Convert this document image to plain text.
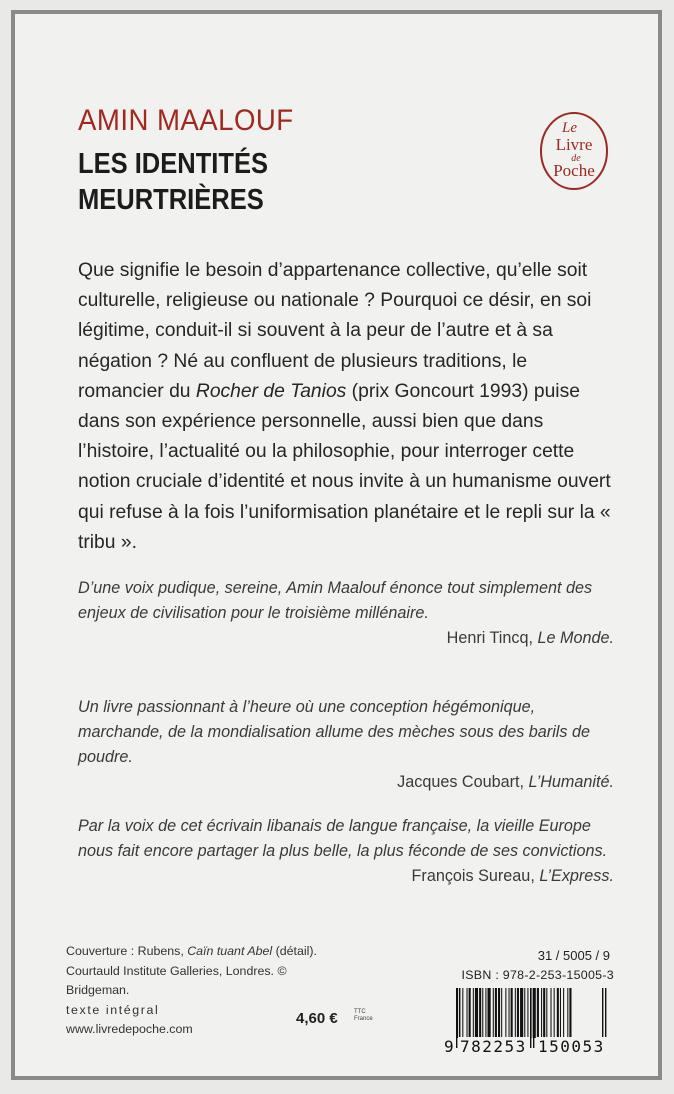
AMIN MAALOUF
LES IDENTITÉS
MEURTRIÈRES
Le
Livre
de
Poche

Que signifie le besoin d’appartenance collective, qu’elle soit culturelle, religieuse ou nationale ? Pourquoi ce désir, en soi légitime, conduit-il si souvent à la peur de l’autre et à sa négation ? Né au confluent de plusieurs traditions, le romancier du Rocher de Tanios (prix Goncourt 1993) puise dans son expérience personnelle, aussi bien que dans l’histoire, l’actualité ou la philosophie, pour interroger cette notion cruciale d’identité et nous invite à un humanisme ouvert qui refuse à la fois l’uniformisation planétaire et le repli sur la « tribu ».

D’une voix pudique, sereine, Amin Maalouf énonce tout simplement des enjeux de civilisation pour le troisième millénaire.

Henri Tincq, Le Monde.

Un livre passionnant à l’heure où une conception hégémonique, marchande, de la mondialisation allume des mèches sous des barils de poudre.

Jacques Coubart, L’Humanité.

Par la voix de cet écrivain libanais de langue française, la vieille Europe nous fait encore partager la plus belle, la plus féconde de ses convictions.

François Sureau, L’Express.

Couverture : Rubens, Caïn tuant Abel (détail). Courtauld Institute Galleries, Londres. © Bridgeman.
texte intégral
www.livredepoche.com
4,60 €	TTC
France
31 / 5005 / 9
ISBN : 978-2-253-15005-3
9 782253 150053
